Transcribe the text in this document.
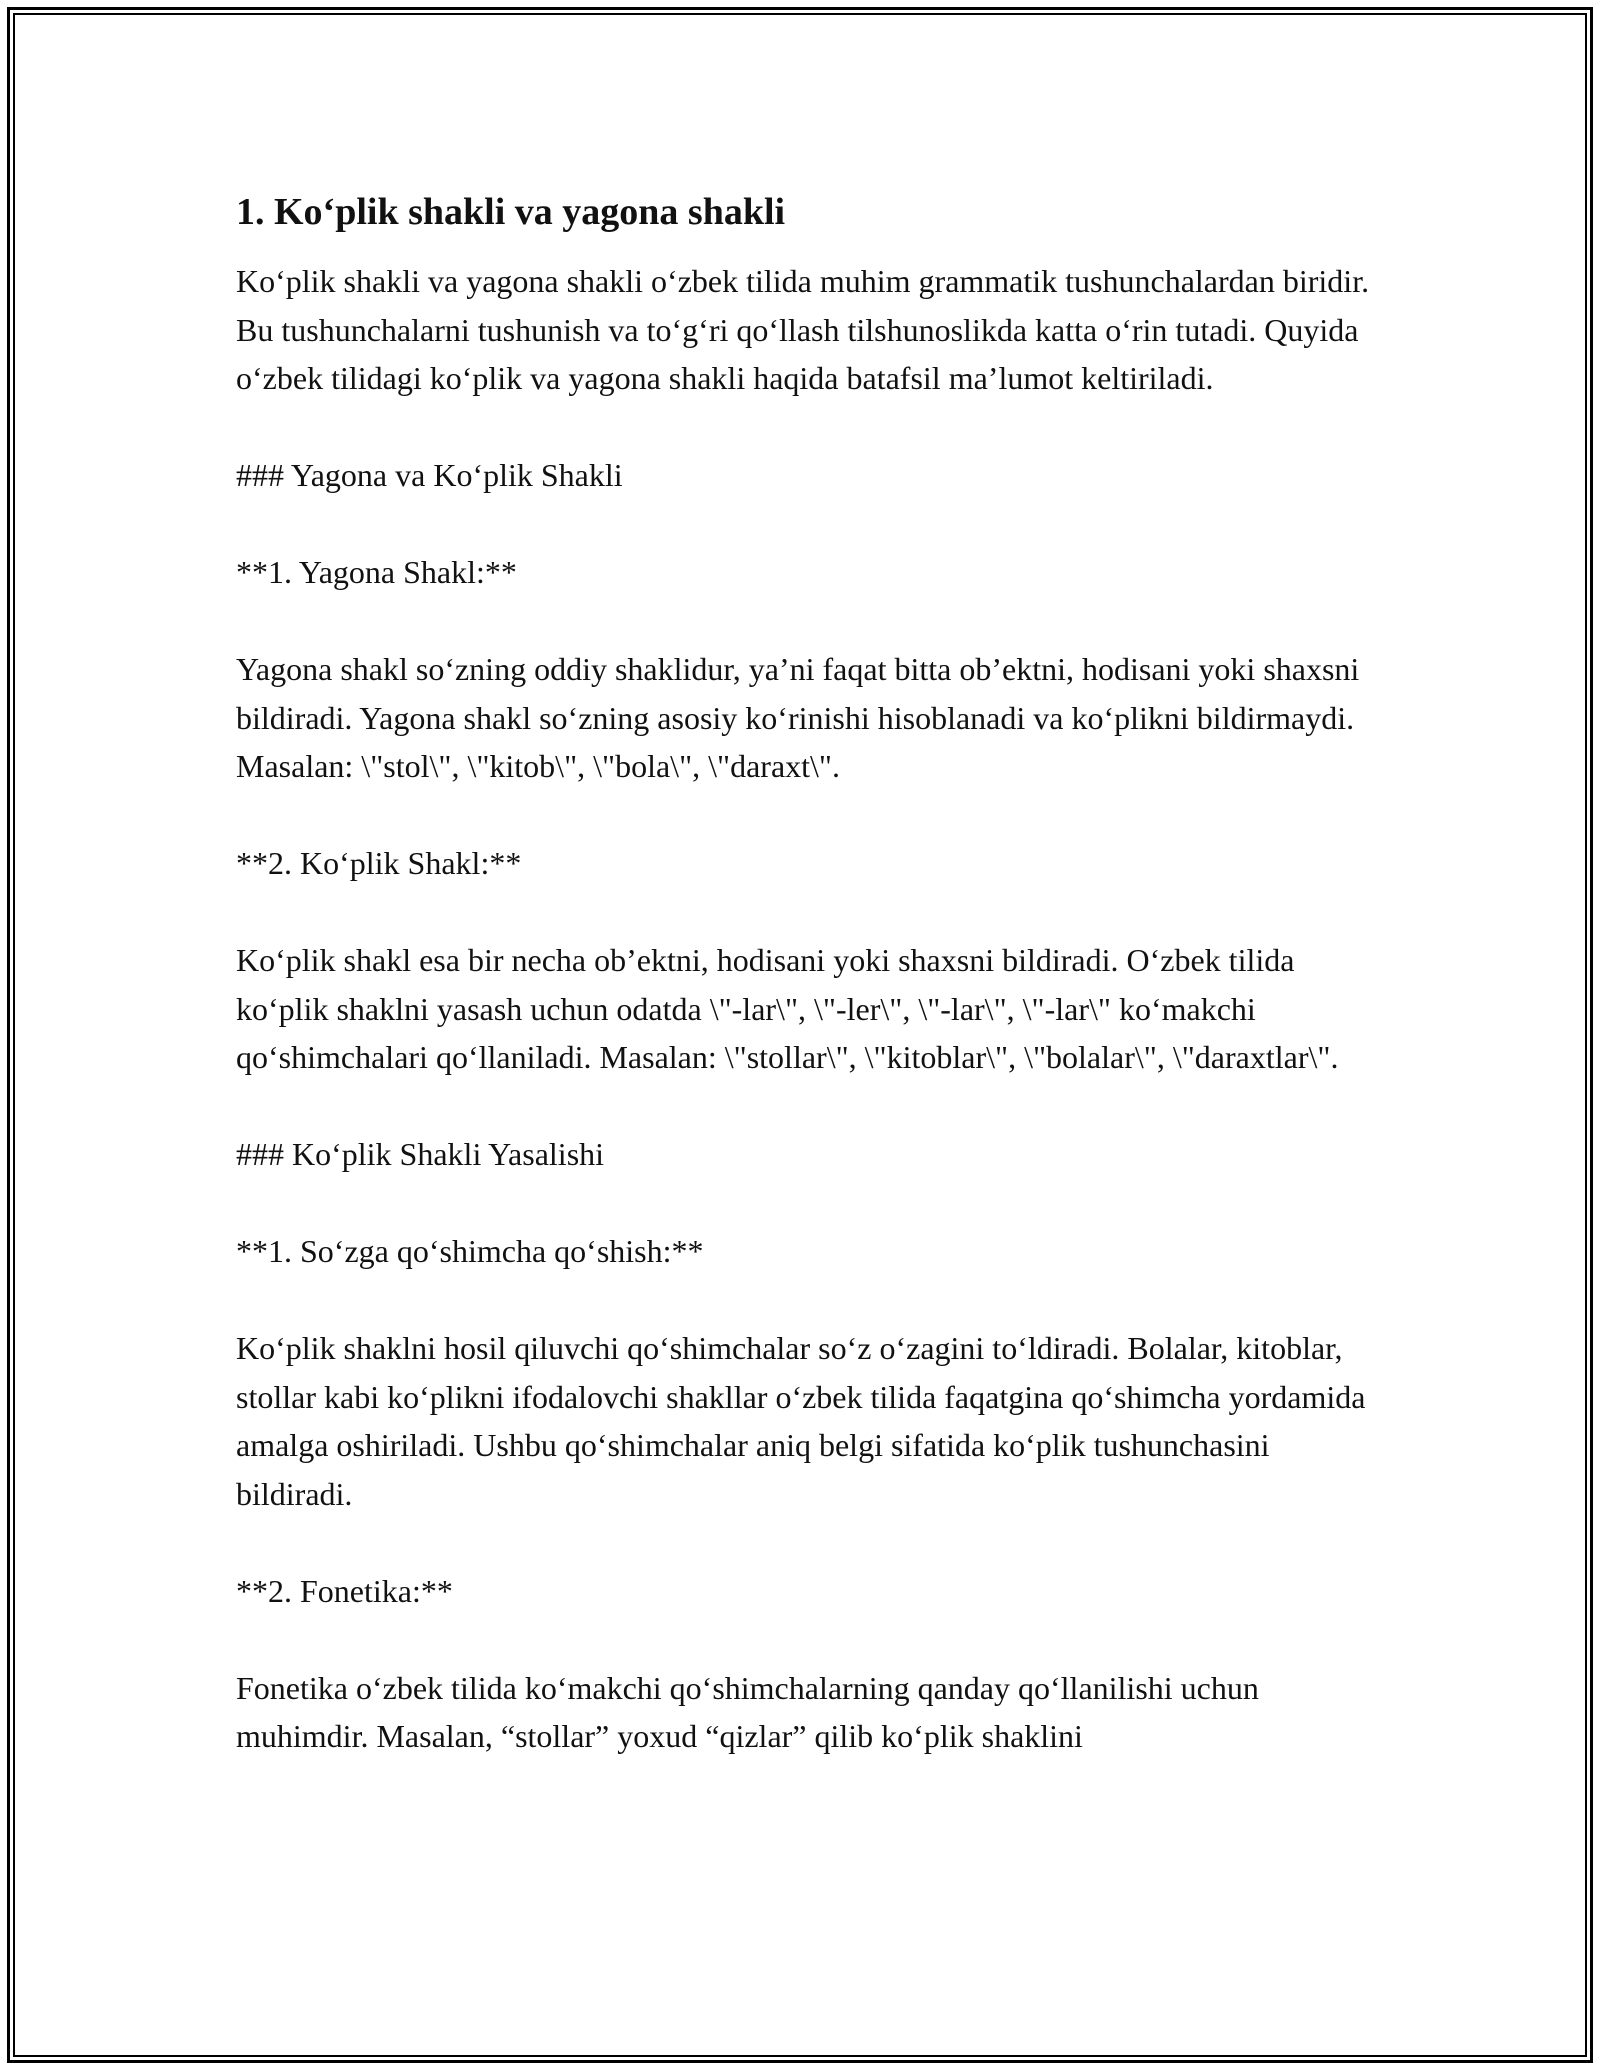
1. Koʻplik shakli va yagona shakli

Koʻplik shakli va yagona shakli oʻzbek tilida muhim grammatik tushunchalardan biridir. Bu tushunchalarni tushunish va toʻgʻri qoʻllash tilshunoslikda katta oʻrin tutadi. Quyida oʻzbek tilidagi koʻplik va yagona shakli haqida batafsil maʼlumot keltiriladi.

### Yagona va Koʻplik Shakli

**1. Yagona Shakl:**

Yagona shakl soʻzning oddiy shaklidur, yaʼni faqat bitta obʼektni, hodisani yoki shaxsni bildiradi. Yagona shakl soʻzning asosiy koʻrinishi hisoblanadi va koʻplikni bildirmaydi. Masalan: \"stol\", \"kitob\", \"bola\", \"daraxt\".

**2. Koʻplik Shakl:**

Koʻplik shakl esa bir necha obʼektni, hodisani yoki shaxsni bildiradi. Oʻzbek tilida koʻplik shaklni yasash uchun odatda \"-lar\", \"-ler\", \"-lar\", \"-lar\" koʻmakchi qoʻshimchalari qoʻllaniladi. Masalan: \"stollar\", \"kitoblar\", \"bolalar\", \"daraxtlar\".

### Koʻplik Shakli Yasalishi

**1. Soʻzga qoʻshimcha qoʻshish:**

Koʻplik shaklni hosil qiluvchi qoʻshimchalar soʻz oʻzagini toʻldiradi. Bolalar, kitoblar, stollar kabi koʻplikni ifodalovchi shakllar oʻzbek tilida faqatgina qoʻshimcha yordamida amalga oshiriladi. Ushbu qoʻshimchalar aniq belgi sifatida koʻplik tushunchasini bildiradi.

**2. Fonetika:**

Fonetika oʻzbek tilida koʻmakchi qoʻshimchalarning qanday qoʻllanilishi uchun muhimdir. Masalan, “stollar” yoxud “qizlar” qilib koʻplik shaklini
